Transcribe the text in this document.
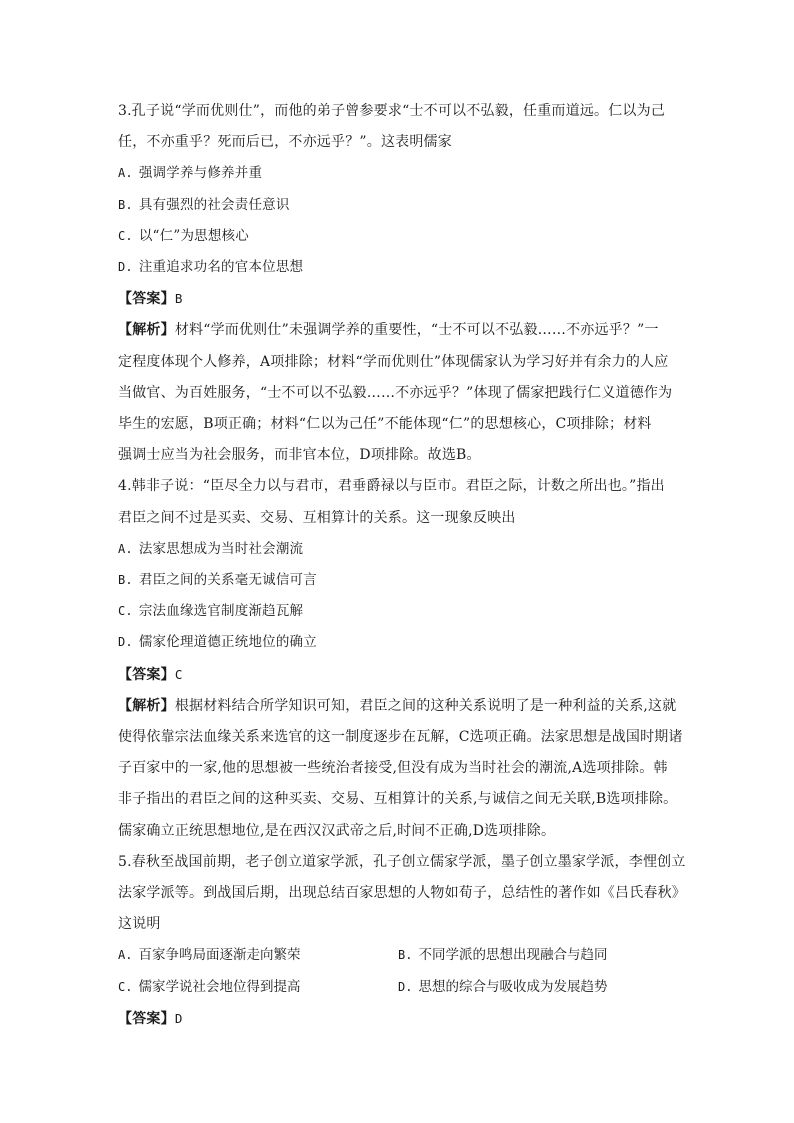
3.孔子说“学而优则仕”，而他的弟子曾参要求“士不可以不弘毅，任重而道远。仁以为己
任，不亦重乎？死而后已，不亦远乎？”。这表明儒家
A. 强调学养与修养并重
B. 具有强烈的社会责任意识
C. 以“仁”为思想核心
D. 注重追求功名的官本位思想
【答案】B
【解析】材料“学而优则仕”未强调学养的重要性，“士不可以不弘毅……不亦远乎？”一
定程度体现个人修养，A项排除；材料“学而优则仕”体现儒家认为学习好并有余力的人应
当做官、为百姓服务，“士不可以不弘毅……不亦远乎？”体现了儒家把践行仁义道德作为
毕生的宏愿，B项正确；材料“仁以为己任”不能体现“仁”的思想核心，C项排除；材料
强调士应当为社会服务，而非官本位，D项排除。故选B。
4.韩非子说：“臣尽全力以与君市，君垂爵禄以与臣市。君臣之际，计数之所出也。”指出
君臣之间不过是买卖、交易、互相算计的关系。这一现象反映出
A. 法家思想成为当时社会潮流
B. 君臣之间的关系毫无诚信可言
C. 宗法血缘选官制度渐趋瓦解
D. 儒家伦理道德正统地位的确立
【答案】C
【解析】根据材料结合所学知识可知，君臣之间的这种关系说明了是一种利益的关系,这就
使得依靠宗法血缘关系来选官的这一制度逐步在瓦解，C选项正确。法家思想是战国时期诸
子百家中的一家,他的思想被一些统治者接受,但没有成为当时社会的潮流,A选项排除。韩
非子指出的君臣之间的这种买卖、交易、互相算计的关系,与诚信之间无关联,B选项排除。
儒家确立正统思想地位,是在西汉汉武帝之后,时间不正确,D选项排除。
5.春秋至战国前期，老子创立道家学派，孔子创立儒家学派，墨子创立墨家学派，李悝创立
法家学派等。到战国后期，出现总结百家思想的人物如荀子，总结性的著作如《吕氏春秋》
这说明
A. 百家争鸣局面逐渐走向繁荣	B. 不同学派的思想出现融合与趋同
C. 儒家学说社会地位得到提高	D. 思想的综合与吸收成为发展趋势
【答案】D
